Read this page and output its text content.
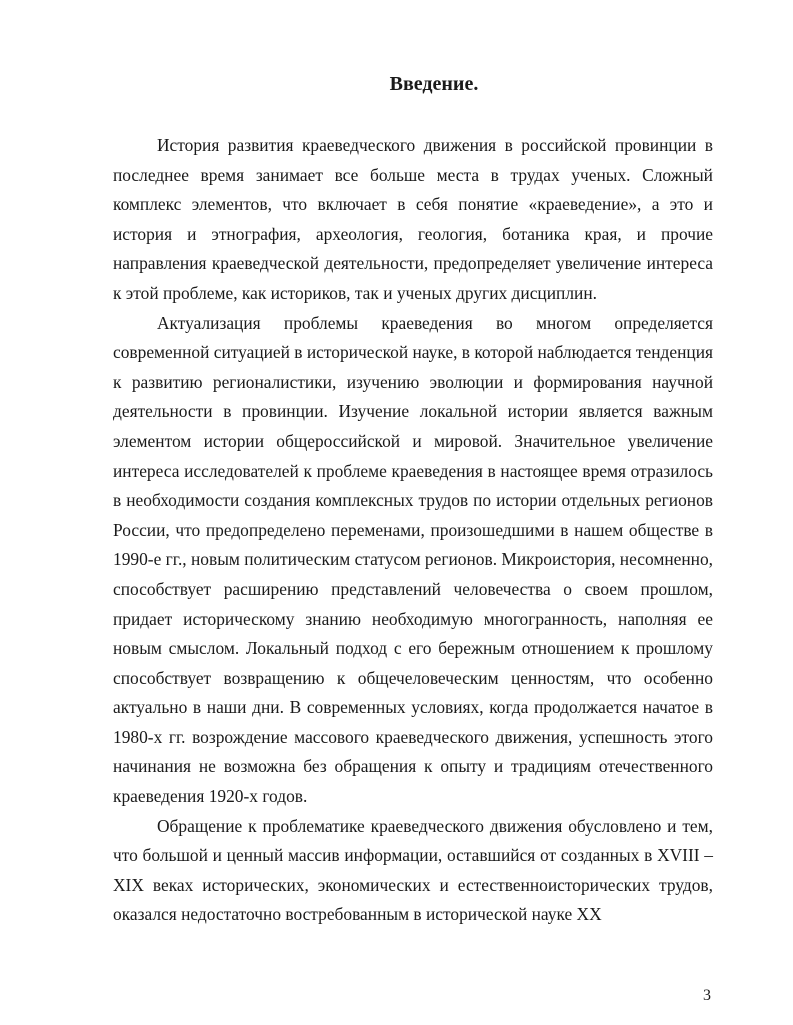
Введение.

История развития краеведческого движения в российской провинции в последнее время занимает все больше места в трудах ученых. Сложный комплекс элементов, что включает в себя понятие «краеведение», а это и история и этнография, археология, геология, ботаника края, и прочие направления краеведческой деятельности, предопределяет увеличение интереса к этой проблеме, как историков, так и ученых других дисциплин.

Актуализация проблемы краеведения во многом определяется современной ситуацией в исторической науке, в которой наблюдается тенденция к развитию регионалистики, изучению эволюции и формирования научной деятельности в провинции. Изучение локальной истории является важным элементом истории общероссийской и мировой. Значительное увеличение интереса исследователей к проблеме краеведения в настоящее время отразилось в необходимости создания комплексных трудов по истории отдельных регионов России, что предопределено переменами, произошедшими в нашем обществе в 1990-е гг., новым политическим статусом регионов. Микроистория, несомненно, способствует расширению представлений человечества о своем прошлом, придает историческому знанию необходимую многогранность, наполняя ее новым смыслом. Локальный подход с его бережным отношением к прошлому способствует возвращению к общечеловеческим ценностям, что особенно актуально в наши дни. В современных условиях, когда продолжается начатое в 1980-х гг. возрождение массового краеведческого движения, успешность этого начинания не возможна без обращения к опыту и традициям отечественного краеведения 1920-х годов.

Обращение к проблематике краеведческого движения обусловлено и тем, что большой и ценный массив информации, оставшийся от созданных в XVIII – XIX веках исторических, экономических и естественноисторических трудов, оказался недостаточно востребованным в исторической науке XX

3
